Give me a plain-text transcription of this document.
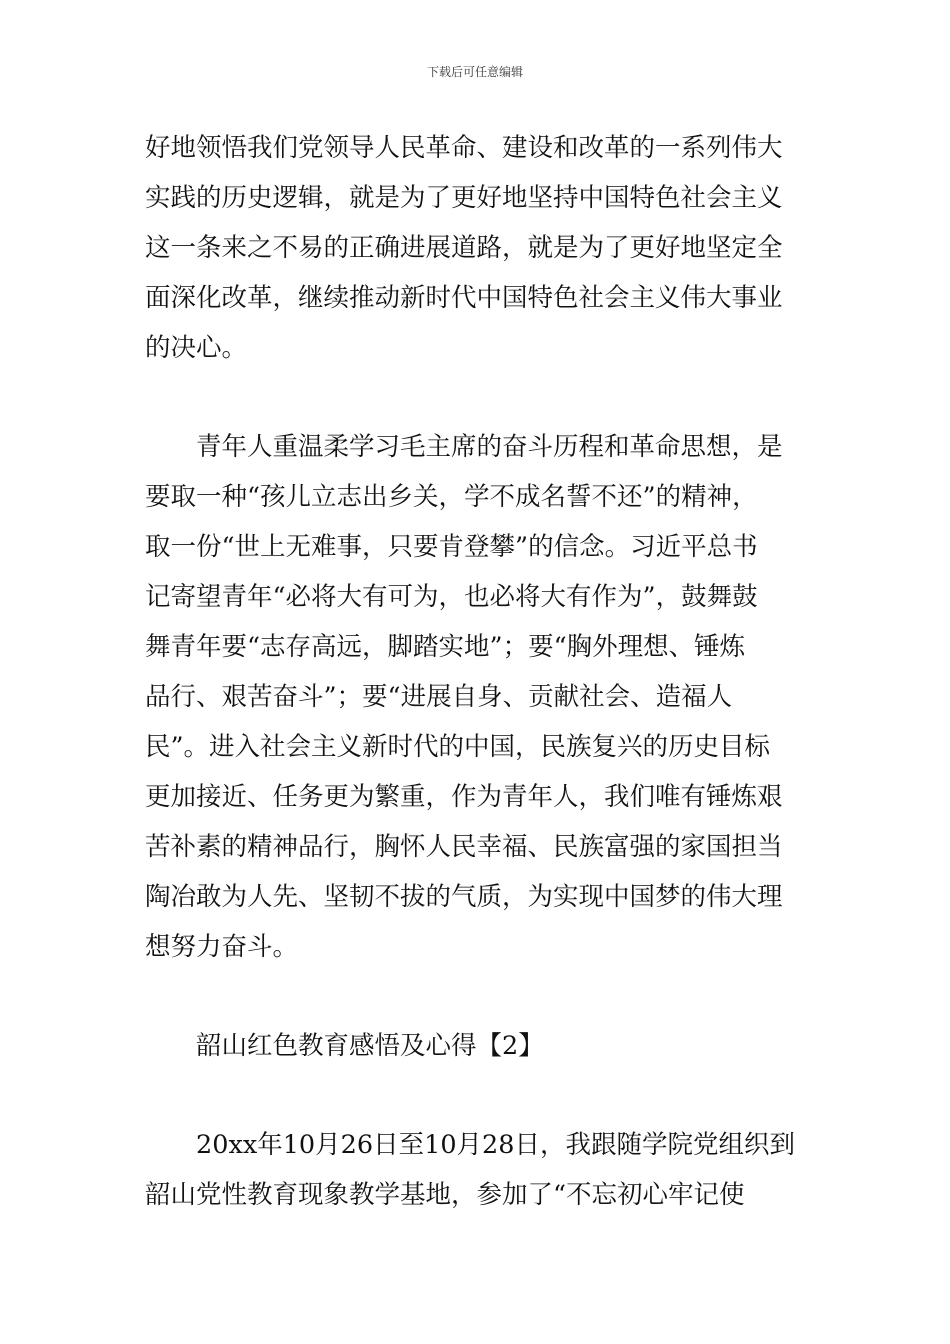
下载后可任意编辑
好地领悟我们党领导人民革命、建设和改革的一系列伟大
实践的历史逻辑，就是为了更好地坚持中国特色社会主义
这一条来之不易的正确进展道路，就是为了更好地坚定全
面深化改革，继续推动新时代中国特色社会主义伟大事业
的决心。
青年人重温柔学习毛主席的奋斗历程和革命思想，是
要取一种“孩儿立志出乡关，学不成名誓不还”的精神，
取一份“世上无难事，只要肯登攀”的信念。习近平总书
记寄望青年“必将大有可为，也必将大有作为”，鼓舞鼓
舞青年要“志存高远，脚踏实地”；要“胸外理想、锤炼
品行、艰苦奋斗”；要“进展自身、贡献社会、造福人
民”。进入社会主义新时代的中国，民族复兴的历史目标
更加接近、任务更为繁重，作为青年人，我们唯有锤炼艰
苦补素的精神品行，胸怀人民幸福、民族富强的家国担当
陶冶敢为人先、坚韧不拔的气质，为实现中国梦的伟大理
想努力奋斗。
韶山红色教育感悟及心得【2】
20xx年10月26日至10月28日，我跟随学院党组织到
韶山党性教育现象教学基地，参加了“不忘初心牢记使
